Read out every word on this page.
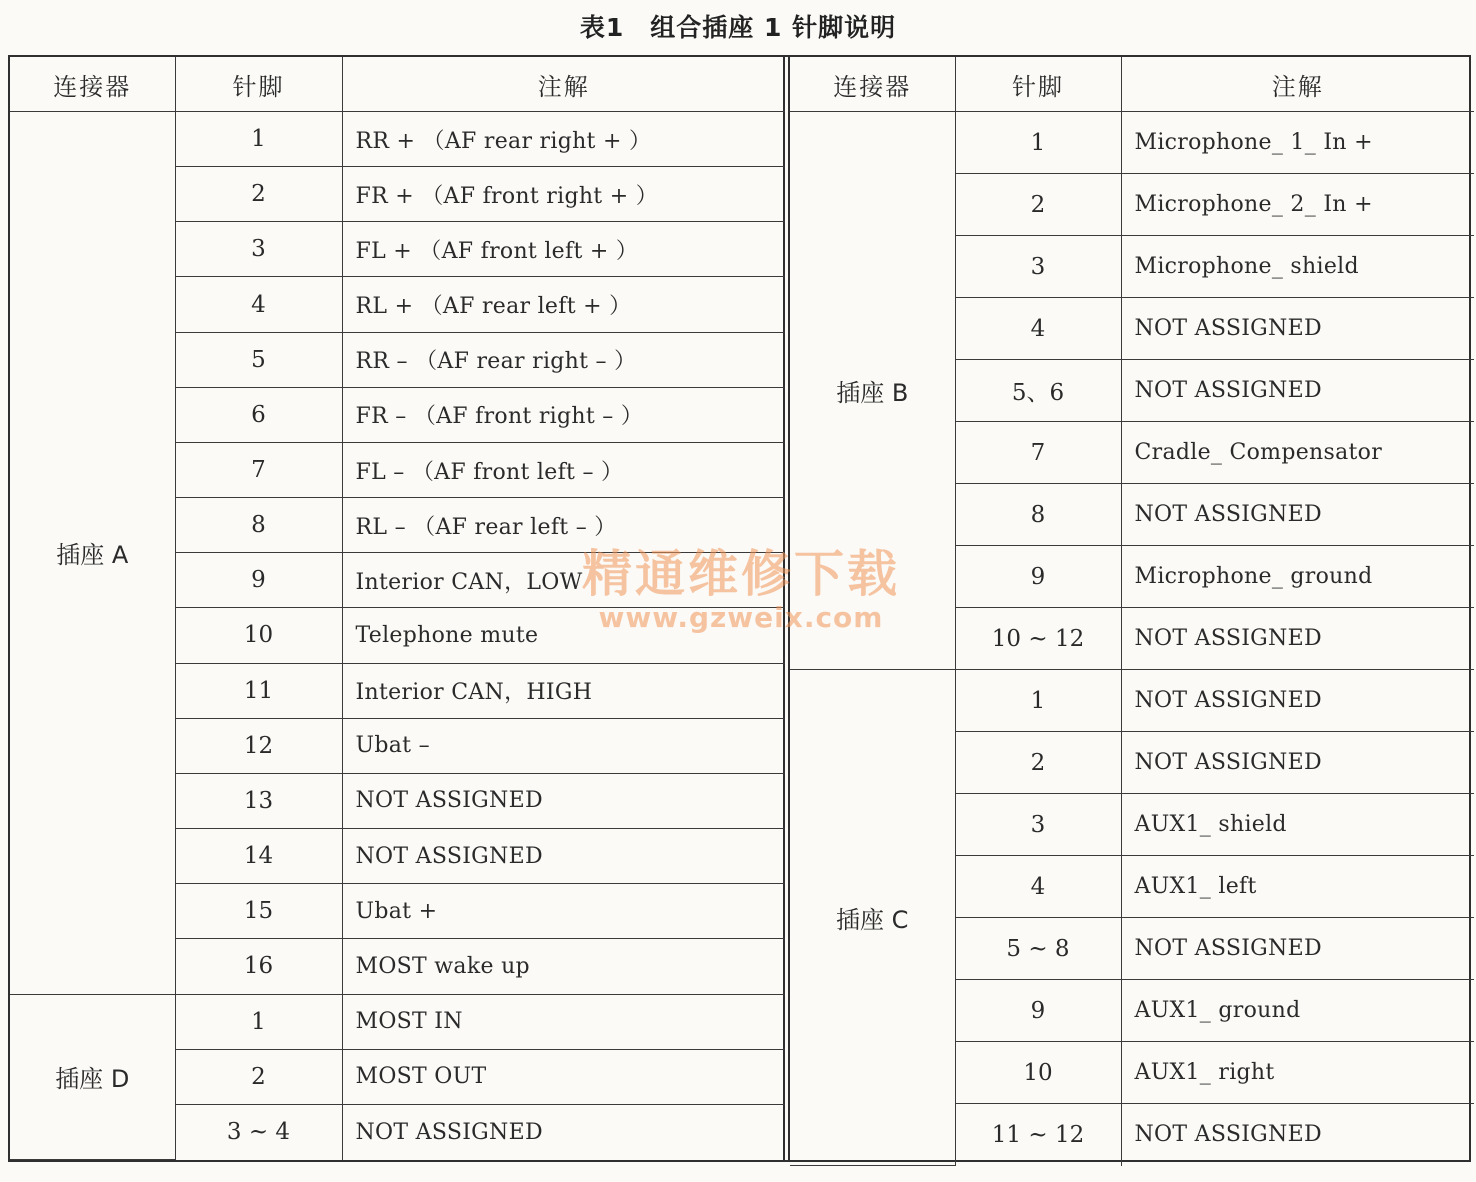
表1　组合插座 1 针脚说明
连接器	针脚	注解
插座 A	1	RR + （AF rear right + ）
	2	FR + （AF front right + ）
	3	FL + （AF front left + ）
	4	RL + （AF rear left + ）
	5	RR – （AF rear right – ）
	6	FR – （AF front right – ）
	7	FL – （AF front left – ）
	8	RL – （AF rear left – ）
	9	Interior CAN，LOW
	10	Telephone mute
	11	Interior CAN，HIGH
	12	Ubat –
	13	NOT ASSIGNED
	14	NOT ASSIGNED
	15	Ubat +
	16	MOST wake up
插座 D	1	MOST IN
	2	MOST OUT
	3 ~ 4	NOT ASSIGNED
连接器	针脚	注解
插座 B	1	Microphone_ 1_ In +
	2	Microphone_ 2_ In +
	3	Microphone_ shield
	4	NOT ASSIGNED
	5、6	NOT ASSIGNED
	7	Cradle_ Compensator
	8	NOT ASSIGNED
	9	Microphone_ ground
	10 ~ 12	NOT ASSIGNED
插座 C	1	NOT ASSIGNED
	2	NOT ASSIGNED
	3	AUX1_ shield
	4	AUX1_ left
	5 ~ 8	NOT ASSIGNED
	9	AUX1_ ground
	10	AUX1_ right
	11 ~ 12	NOT ASSIGNED
精通维修下载
www.gzweix.com
